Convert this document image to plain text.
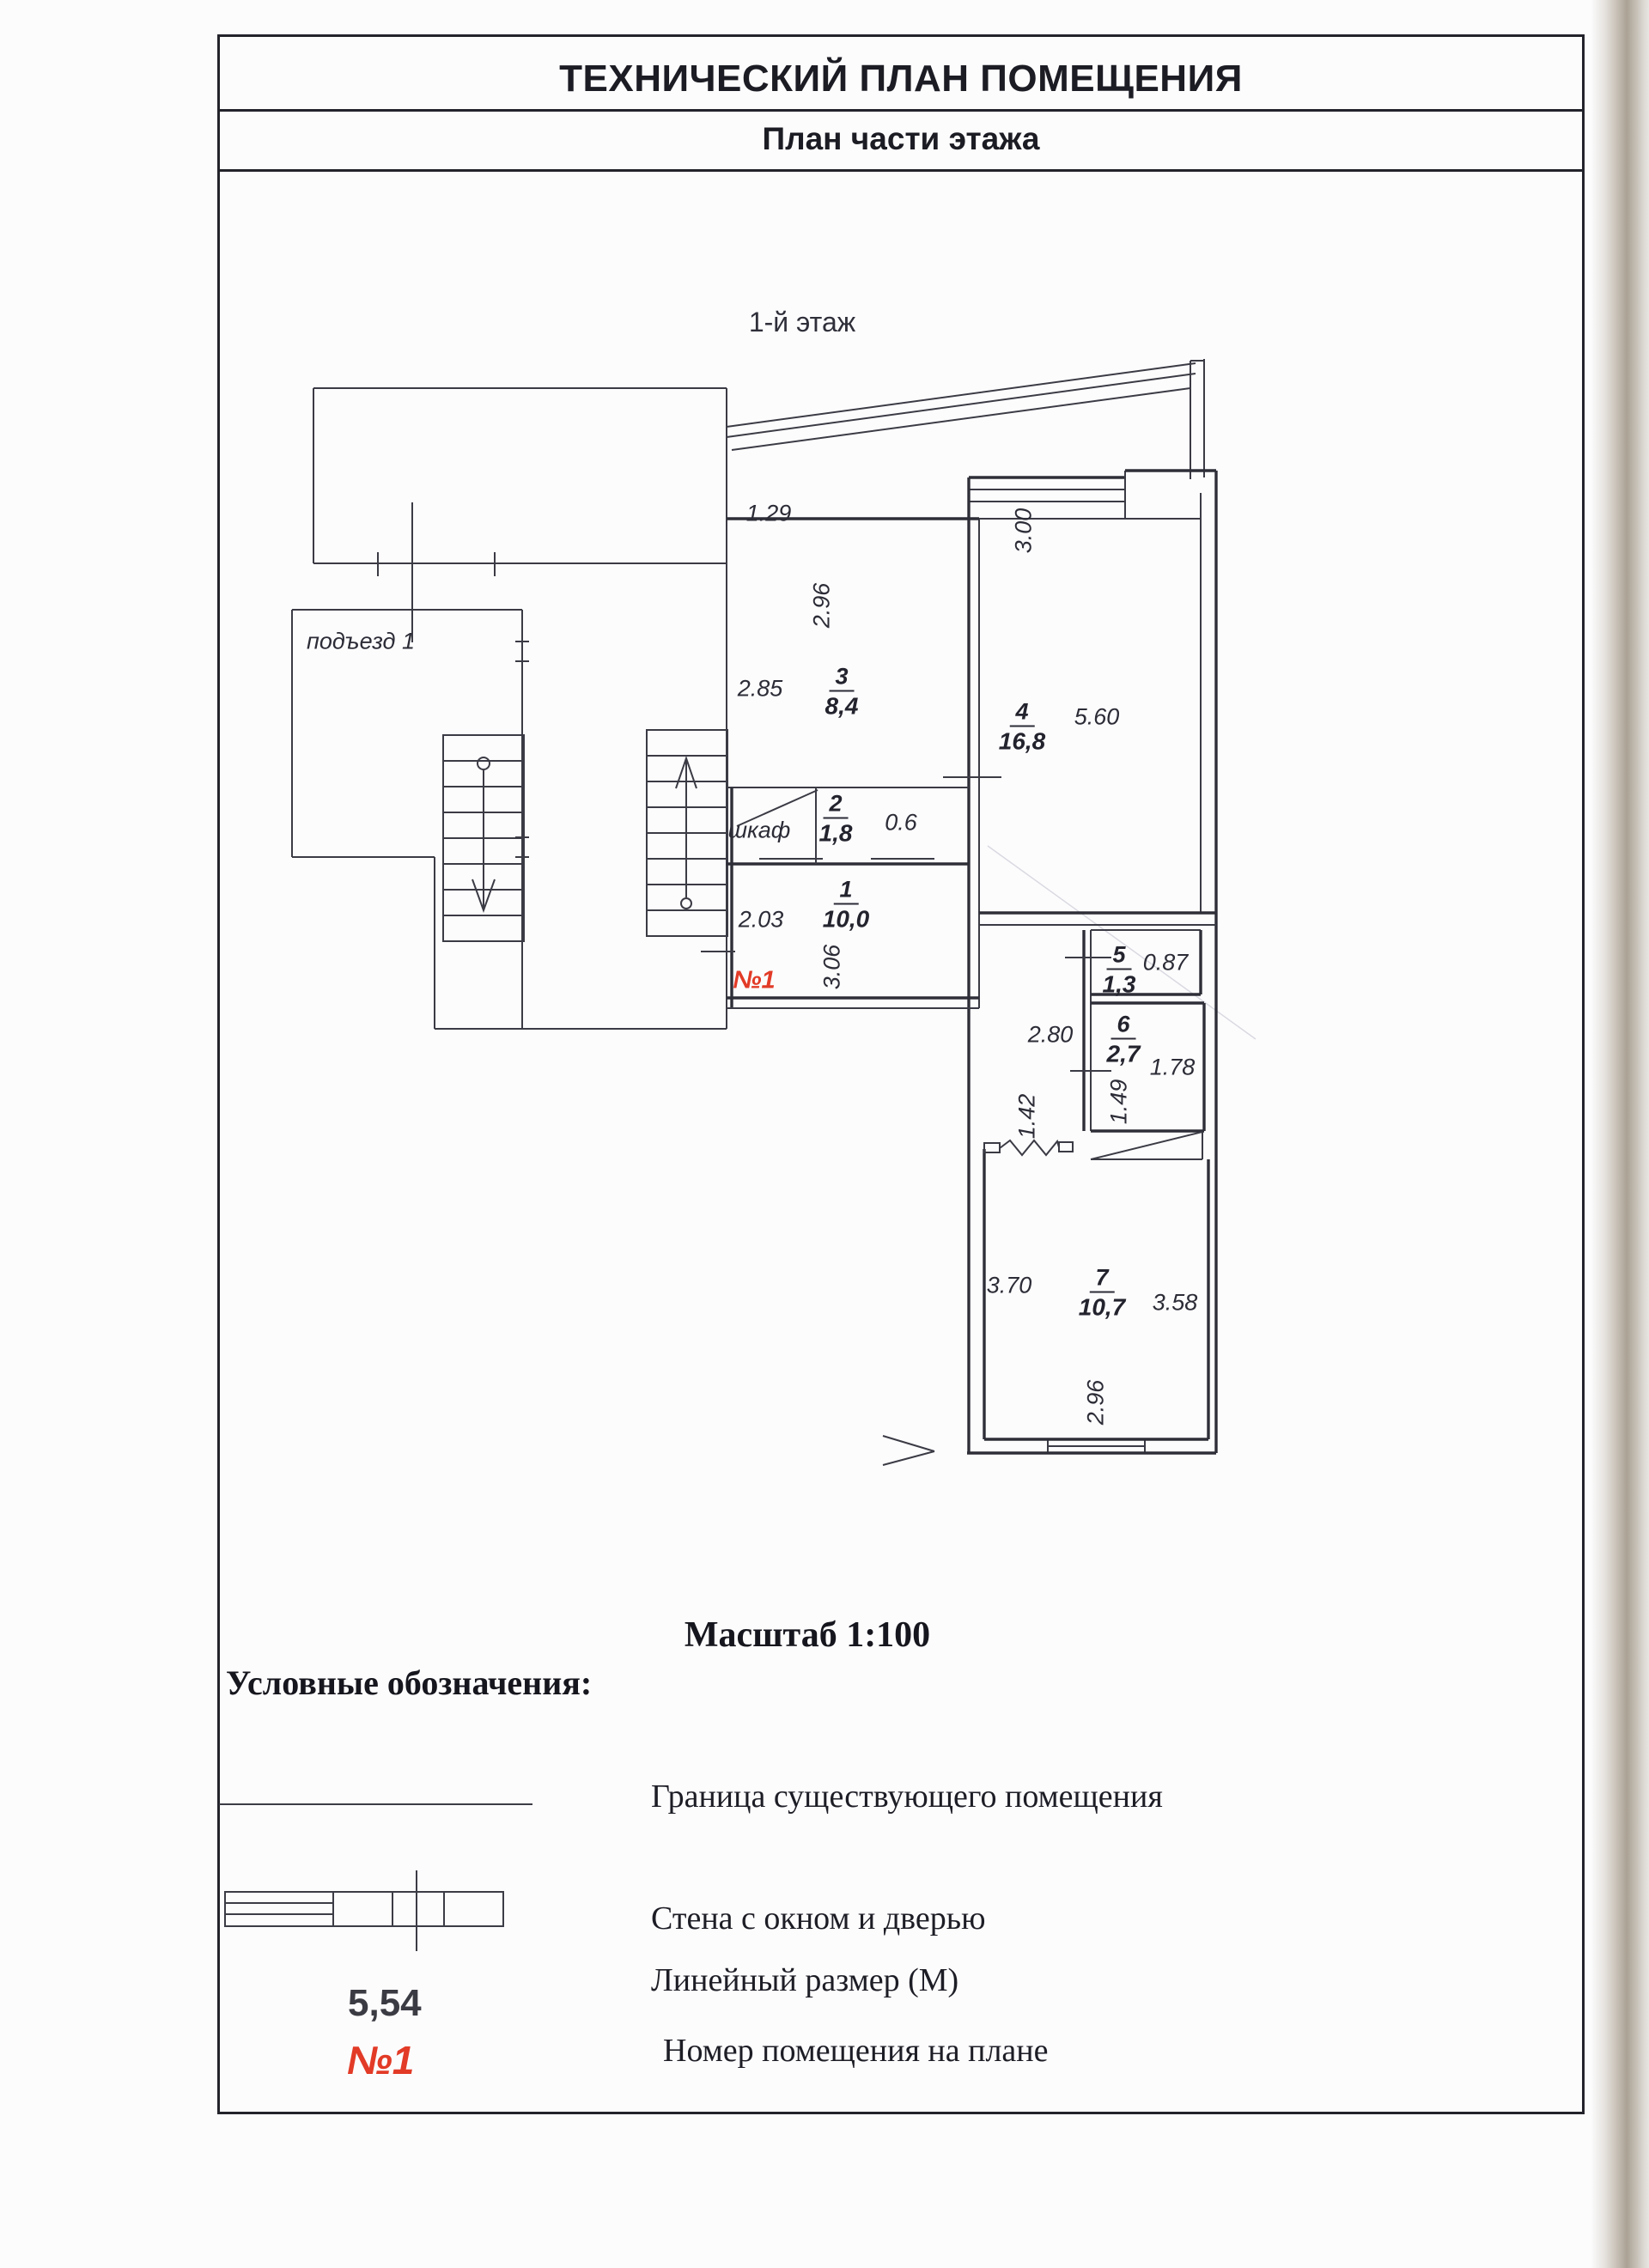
ТЕХНИЧЕСКИЙ ПЛАН ПОМЕЩЕНИЯ
План части этажа
1-й этаж
подъезд 1
шкаф
№1
1.29
2.96
2.85
3.00
5.60
0.6
2.03
3.06	0.87
2.80
1.78
1.49
1.42
3.70
3.58
2.96
1
10,0
2
1,8
3
8,4	4
16,8
5
1,3
6
2,7
7
10,7
Масштаб 1:100
Условные обозначения:
5,54
№1
Граница существующего помещения
Стена с окном и дверью
Линейный размер (М)
Номер помещения на плане
